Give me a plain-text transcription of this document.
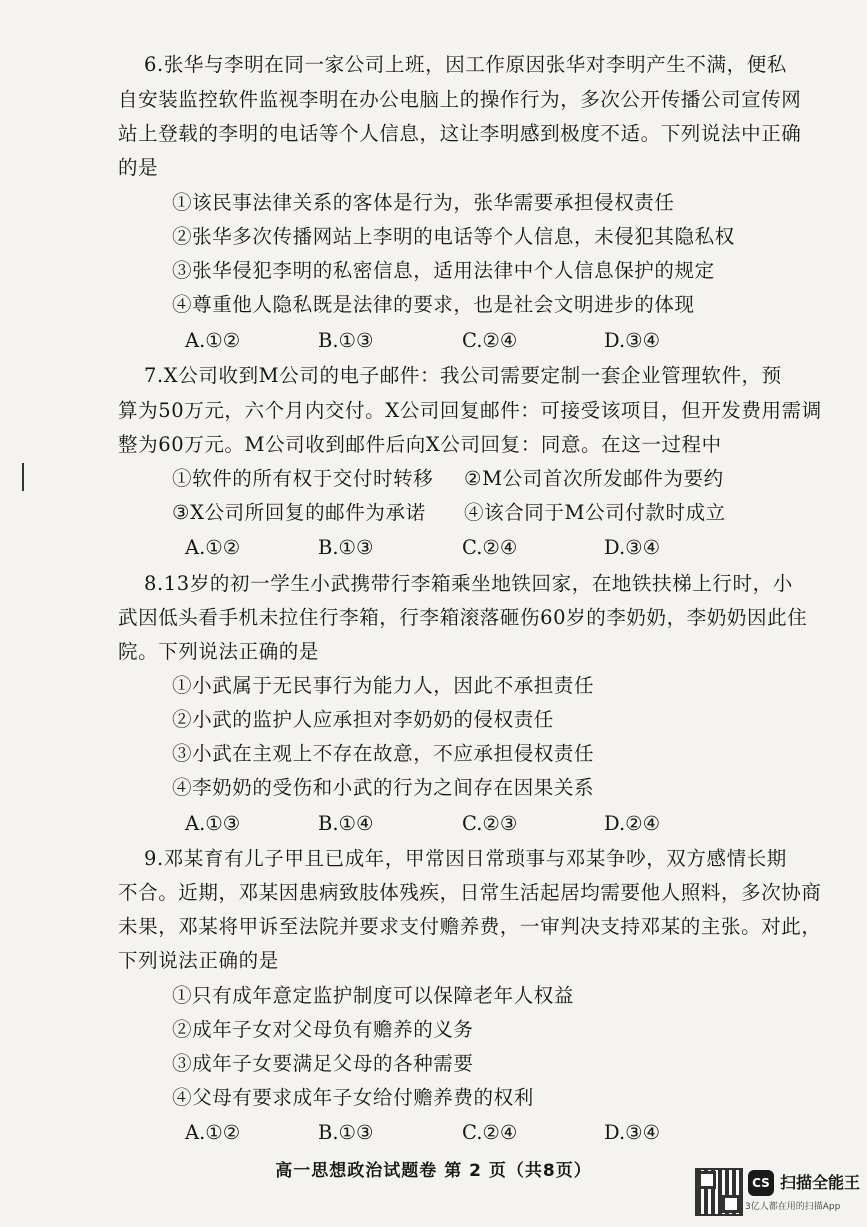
6.张华与李明在同一家公司上班，因工作原因张华对李明产生不满，便私
自安装监控软件监视李明在办公电脑上的操作行为，多次公开传播公司宣传网
站上登载的李明的电话等个人信息，这让李明感到极度不适。下列说法中正确
的是
①该民事法律关系的客体是行为，张华需要承担侵权责任
②张华多次传播网站上李明的电话等个人信息，未侵犯其隐私权
③张华侵犯李明的私密信息，适用法律中个人信息保护的规定
④尊重他人隐私既是法律的要求，也是社会文明进步的体现
A.①②	B.①③	C.②④	D.③④
7.X公司收到M公司的电子邮件：我公司需要定制一套企业管理软件，预
算为50万元，六个月内交付。X公司回复邮件：可接受该项目，但开发费用需调
整为60万元。M公司收到邮件后向X公司回复：同意。在这一过程中
①软件的所有权于交付时转移 ②M公司首次所发邮件为要约
③X公司所回复的邮件为承诺 ④该合同于M公司付款时成立
A.①②	B.①③	C.②④	D.③④
8.13岁的初一学生小武携带行李箱乘坐地铁回家，在地铁扶梯上行时，小
武因低头看手机未拉住行李箱，行李箱滚落砸伤60岁的李奶奶，李奶奶因此住
院。下列说法正确的是
①小武属于无民事行为能力人，因此不承担责任
②小武的监护人应承担对李奶奶的侵权责任
③小武在主观上不存在故意，不应承担侵权责任
④李奶奶的受伤和小武的行为之间存在因果关系
A.①③	B.①④	C.②③	D.②④
9.邓某育有儿子甲且已成年，甲常因日常琐事与邓某争吵，双方感情长期
不合。近期，邓某因患病致肢体残疾，日常生活起居均需要他人照料，多次协商
未果，邓某将甲诉至法院并要求支付赡养费，一审判决支持邓某的主张。对此，
下列说法正确的是
①只有成年意定监护制度可以保障老年人权益
②成年子女对父母负有赡养的义务
③成年子女要满足父母的各种需要
④父母有要求成年子女给付赡养费的权利
A.①②	B.①③	C.②④	D.③④
高一思想政治试题卷 第 2 页（共8页）
CS 扫描全能王
3亿人都在用的扫描App
